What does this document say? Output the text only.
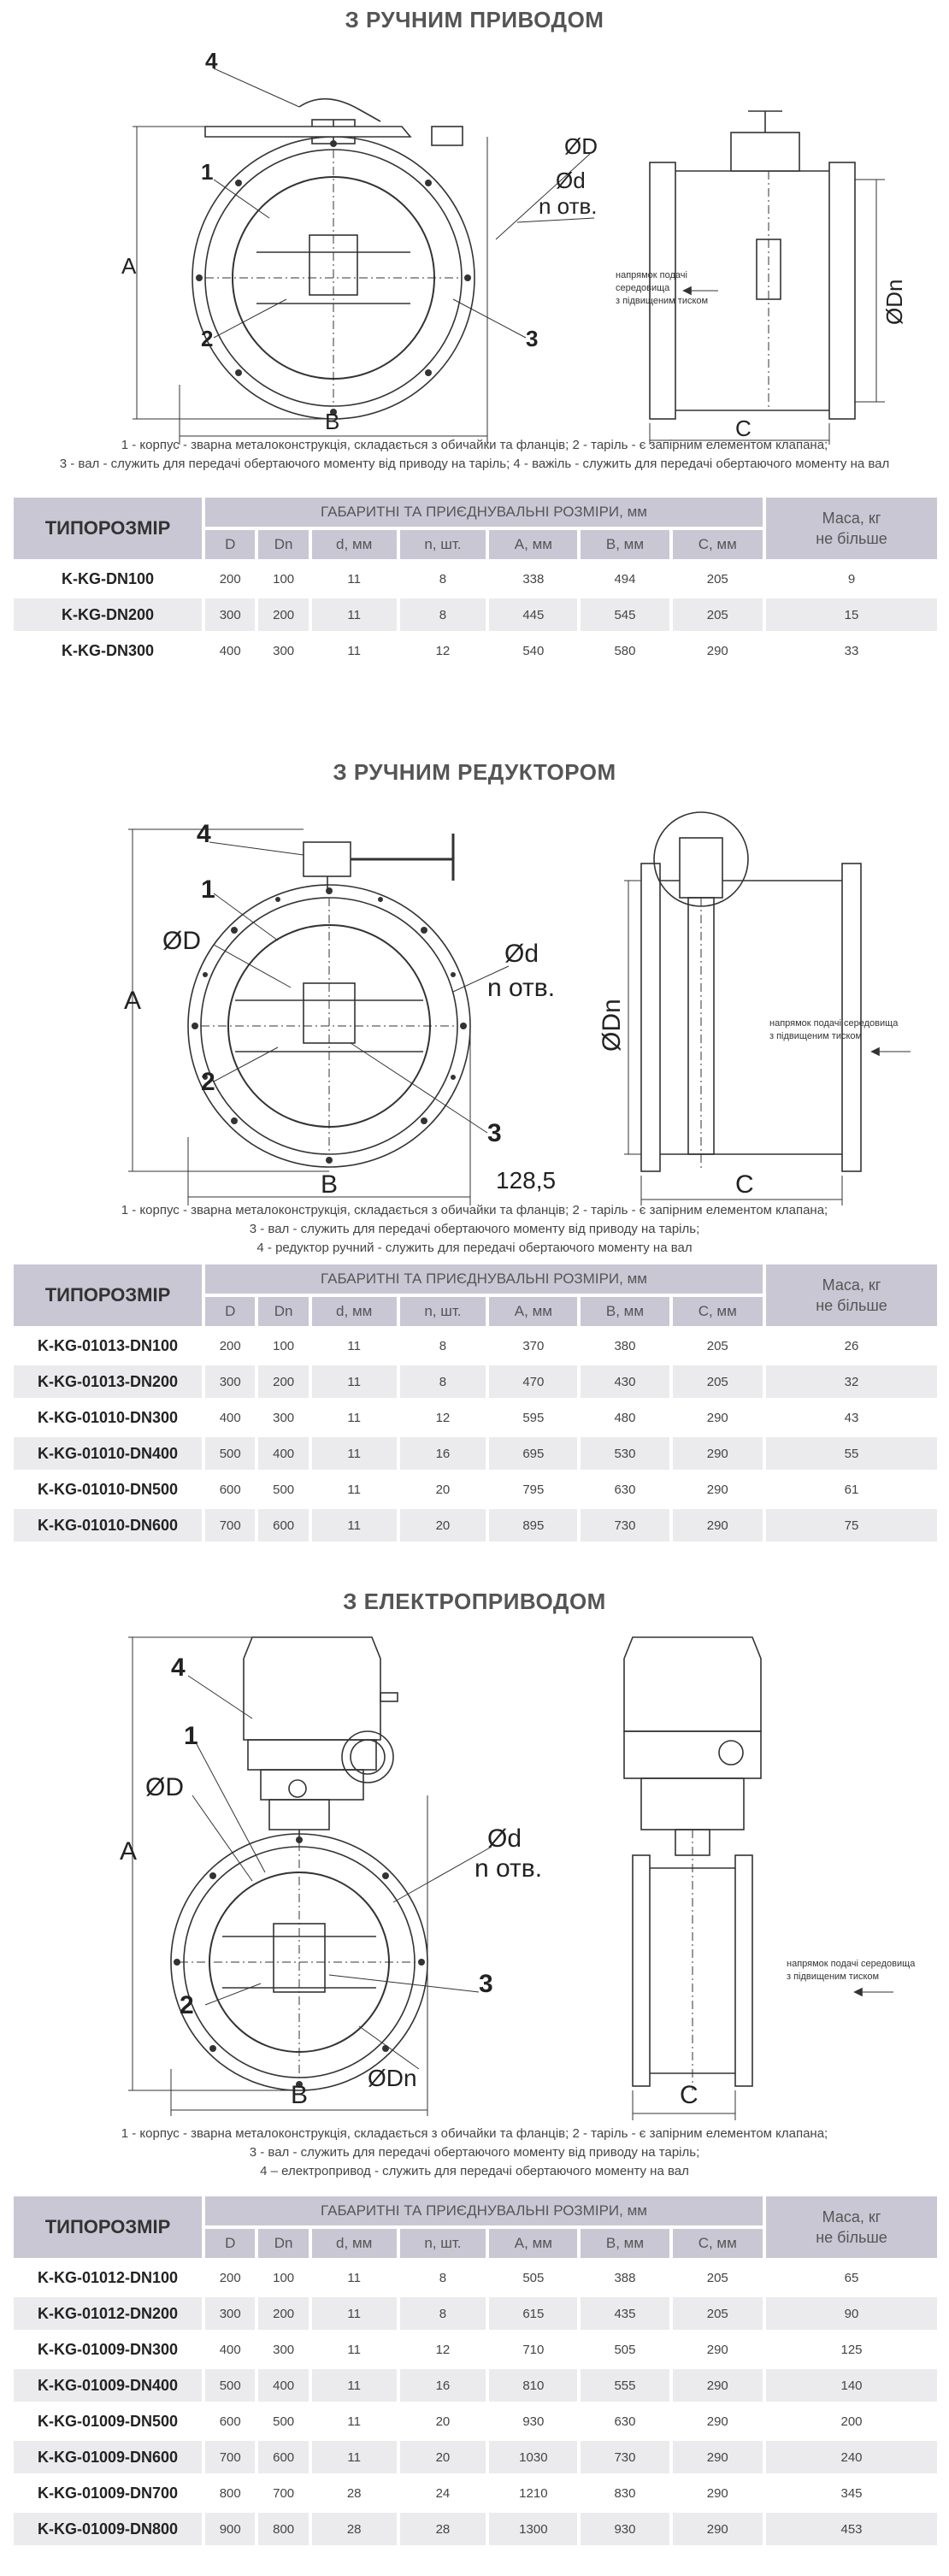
З РУЧНИМ ПРИВОДОМ
4
1
2	3
A
B
ØD
Ød
n отв.
C
ØDn
напрямок подачі
середовища
з підвищеним тиском
1 - корпус - зварна металоконструкція, складається з обичайки та фланців; 2 - таріль - є запірним елементом клапана;
3 - вал - служить для передачі обертаючого моменту від приводу на таріль; 4 - важіль - служить для передачі обертаючого моменту на вал
ТИПОРОЗМІР	ГАБАРИТНІ ТА ПРИЄДНУВАЛЬНІ РОЗМІРИ, мм							Маса, кг
не більше

	D	Dn	d, мм	n, шт.	A, мм	B, мм	C, мм	
K-KG-DN100	200	100	11	8	338	494	205	9
K-KG-DN200	300	200	11	8	445	545	205	15
K-KG-DN300	400	300	11	12	540	580	290	33
З РУЧНИМ РЕДУКТОРОМ
4
1
2
3
A
B
ØD	Ød
n отв.
128,5	C
ØDn	напрямок подачі середовища
з підвищеним тиском
1 - корпус - зварна металоконструкція, складається з обичайки та фланців; 2 - таріль - є запірним елементом клапана;
3 - вал - служить для передачі обертаючого моменту від приводу на таріль;
4 - редуктор ручний - служить для передачі обертаючого моменту на вал
ТИПОРОЗМІР	ГАБАРИТНІ ТА ПРИЄДНУВАЛЬНІ РОЗМІРИ, мм							Маса, кг
не більше

	D	Dn	d, мм	n, шт.	A, мм	B, мм	C, мм	
K-KG-01013-DN100	200	100	11	8	370	380	205	26
K-KG-01013-DN200	300	200	11	8	470	430	205	32
K-KG-01010-DN300	400	300	11	12	595	480	290	43
K-KG-01010-DN400	500	400	11	16	695	530	290	55
K-KG-01010-DN500	600	500	11	20	795	630	290	61
K-KG-01010-DN600	700	600	11	20	895	730	290	75
З ЕЛЕКТРОПРИВОДОМ
4
1
2
3
A
B
ØD
Ød
n отв.
ØDn
C
напрямок подачі середовища
з підвищеним тиском
1 - корпус - зварна металоконструкція, складається з обичайки та фланців; 2 - таріль - є запірним елементом клапана;
3 - вал - служить для передачі обертаючого моменту від приводу на таріль;
4 – електропривод - служить для передачі обертаючого моменту на вал
ТИПОРОЗМІР	ГАБАРИТНІ ТА ПРИЄДНУВАЛЬНІ РОЗМІРИ, мм							Маса, кг
не більше

	D	Dn	d, мм	n, шт.	A, мм	B, мм	C, мм	
K-KG-01012-DN100	200	100	11	8	505	388	205	65
K-KG-01012-DN200	300	200	11	8	615	435	205	90
K-KG-01009-DN300	400	300	11	12	710	505	290	125
K-KG-01009-DN400	500	400	11	16	810	555	290	140
K-KG-01009-DN500	600	500	11	20	930	630	290	200
K-KG-01009-DN600	700	600	11	20	1030	730	290	240
K-KG-01009-DN700	800	700	28	24	1210	830	290	345
K-KG-01009-DN800	900	800	28	28	1300	930	290	453
